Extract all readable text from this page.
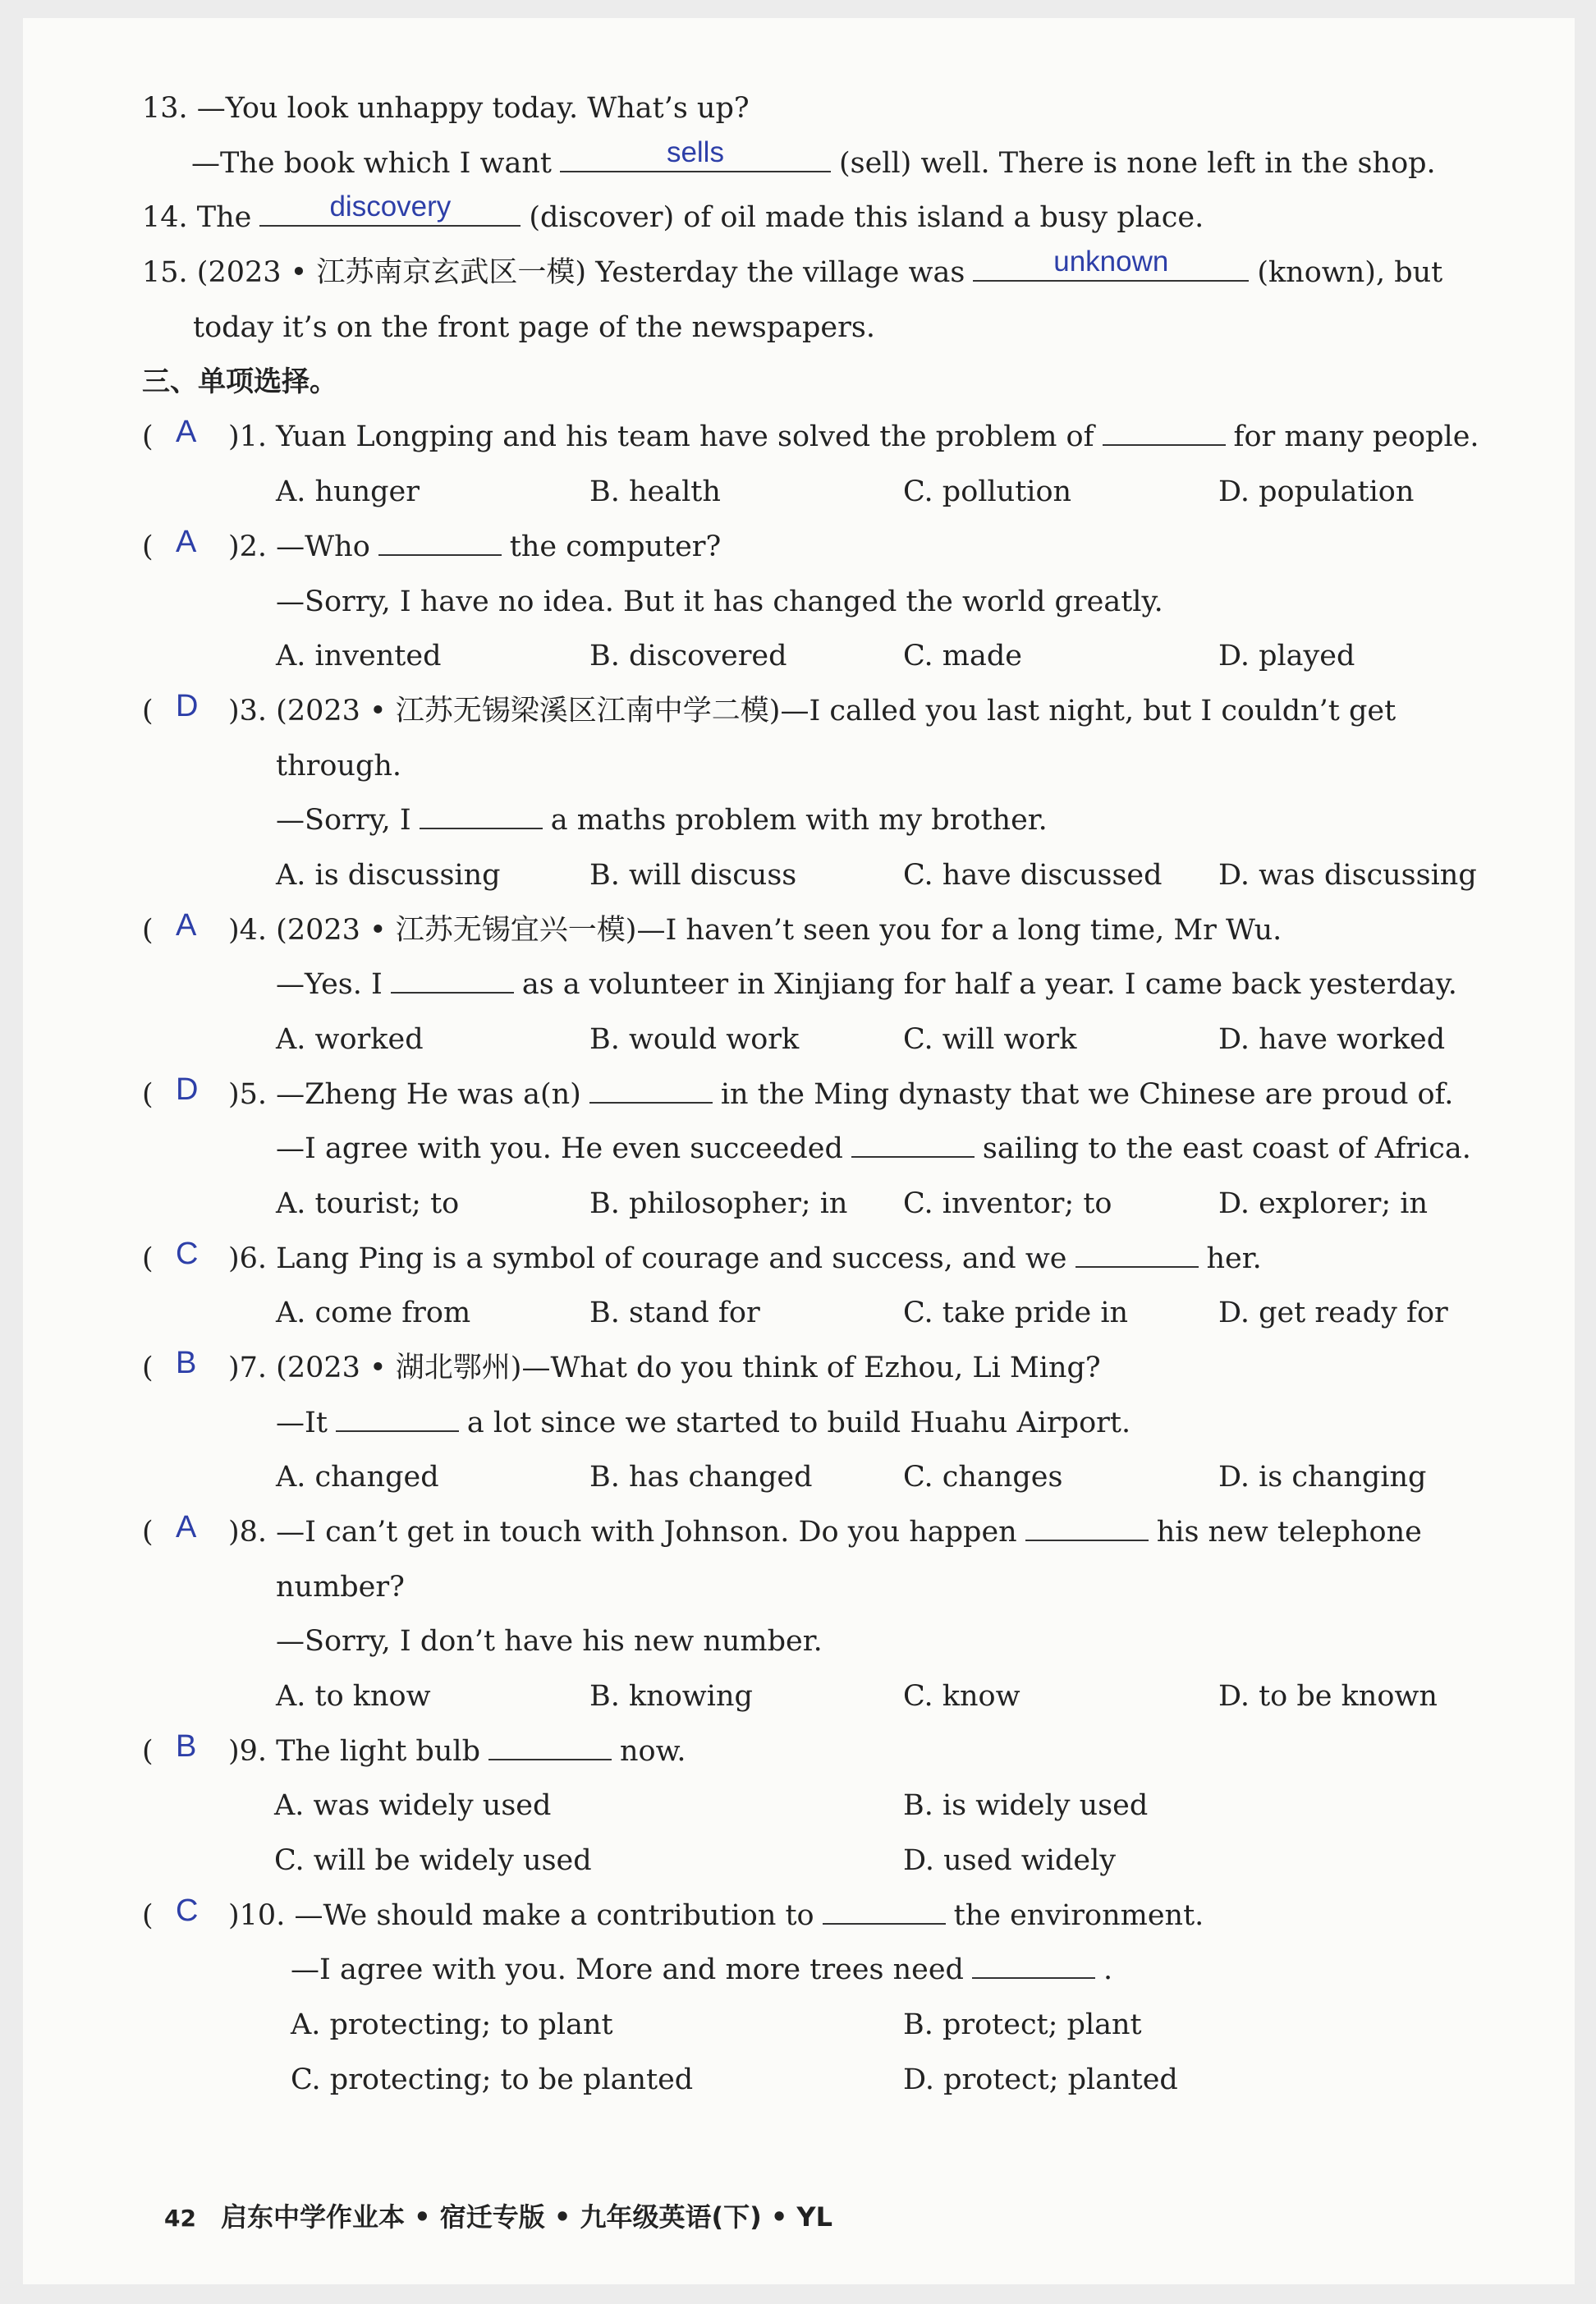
13. —You look unhappy today. What’s up?
—The book which I want	sells	(sell) well. There is none left in the shop.
14. The	discovery	(discover) of oil made this island a busy place.
15. (2023 • 江苏南京玄武区一模) Yesterday the village was	unknown	(known), but
today it’s on the front page of the newspapers.
三、单项选择。
( A )1. Yuan Longping and his team have solved the problem of	for many people.
A. hunger	B. health	C. pollution	D. population
( A )2. —Who	the computer?
—Sorry, I have no idea. But it has changed the world greatly.
A. invented	B. discovered	C. made	D. played
( D )3. (2023 • 江苏无锡梁溪区江南中学二模)—I called you last night, but I couldn’t get
through.
—Sorry, I	a maths problem with my brother.
A. is discussing	B. will discuss	C. have discussed D. was discussing
( A )4. (2023 • 江苏无锡宜兴一模)—I haven’t seen you for a long time, Mr Wu.
—Yes. I	as a volunteer in Xinjiang for half a year. I came back yesterday.
A. worked	B. would work	C. will work	D. have worked
( D )5. —Zheng He was a(n)	in the Ming dynasty that we Chinese are proud of.
—I agree with you. He even succeeded	sailing to the east coast of Africa.
A. tourist; to	B. philosopher; in C. inventor; to	D. explorer; in
( C )6. Lang Ping is a symbol of courage and success, and we	her.
A. come from	B. stand for	C. take pride in	D. get ready for
( B )7. (2023 • 湖北鄂州)—What do you think of Ezhou, Li Ming?
—It	a lot since we started to build Huahu Airport.
A. changed	B. has changed	C. changes	D. is changing
( A )8. —I can’t get in touch with Johnson. Do you happen	his new telephone
number?
—Sorry, I don’t have his new number.
A. to know	B. knowing	C. know	D. to be known
( B )9. The light bulb	now.
A. was widely used	B. is widely used
C. will be widely used	D. used widely
( C )10. —We should make a contribution to	the environment.
—I agree with you. More and more trees need	.
A. protecting; to plant	B. protect; plant
C. protecting; to be planted	D. protect; planted
42 启东中学作业本 • 宿迁专版 • 九年级英语(下) • YL
